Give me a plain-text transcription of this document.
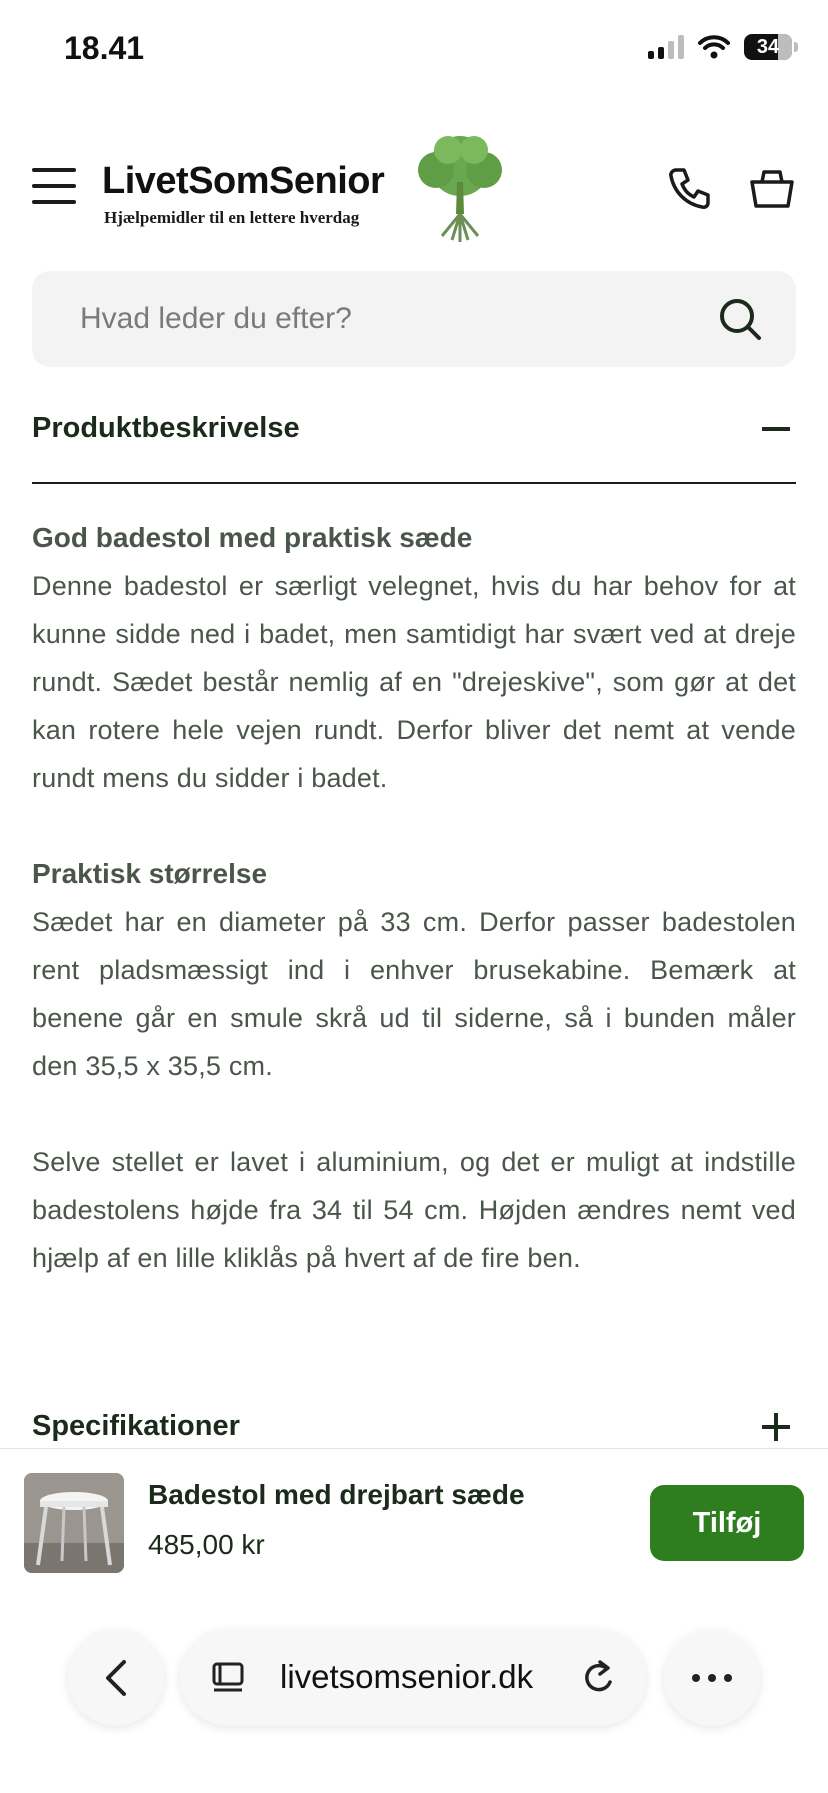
18.41	34
LivetSomSenior
Hjælpemidler til en lettere hverdag
Hvad leder du efter?
Produktbeskrivelse

God badestol med praktisk sæde

Denne badestol er særligt velegnet, hvis du har behov for at kunne sidde ned i badet, men samtidigt har svært ved at dreje rundt. Sædet består nemlig af en "drejeskive", som gør at det kan rotere hele vejen rundt. Derfor bliver det nemt at vende rundt mens du sidder i badet.

Praktisk størrelse

Sædet har en diameter på 33 cm. Derfor passer badestolen rent pladsmæssigt ind i enhver brusekabine. Bemærk at benene går en smule skrå ud til siderne, så i bunden måler den 35,5 x 35,5 cm.

Selve stellet er lavet i aluminium, og det er muligt at indstille badestolens højde fra 34 til 54 cm. Højden ændres nemt ved hjælp af en lille kliklås på hvert af de fire ben.

Specifikationer
Badestol med drejbart sæde
485,00 kr
Tilføj
livetsomsenior.dk
